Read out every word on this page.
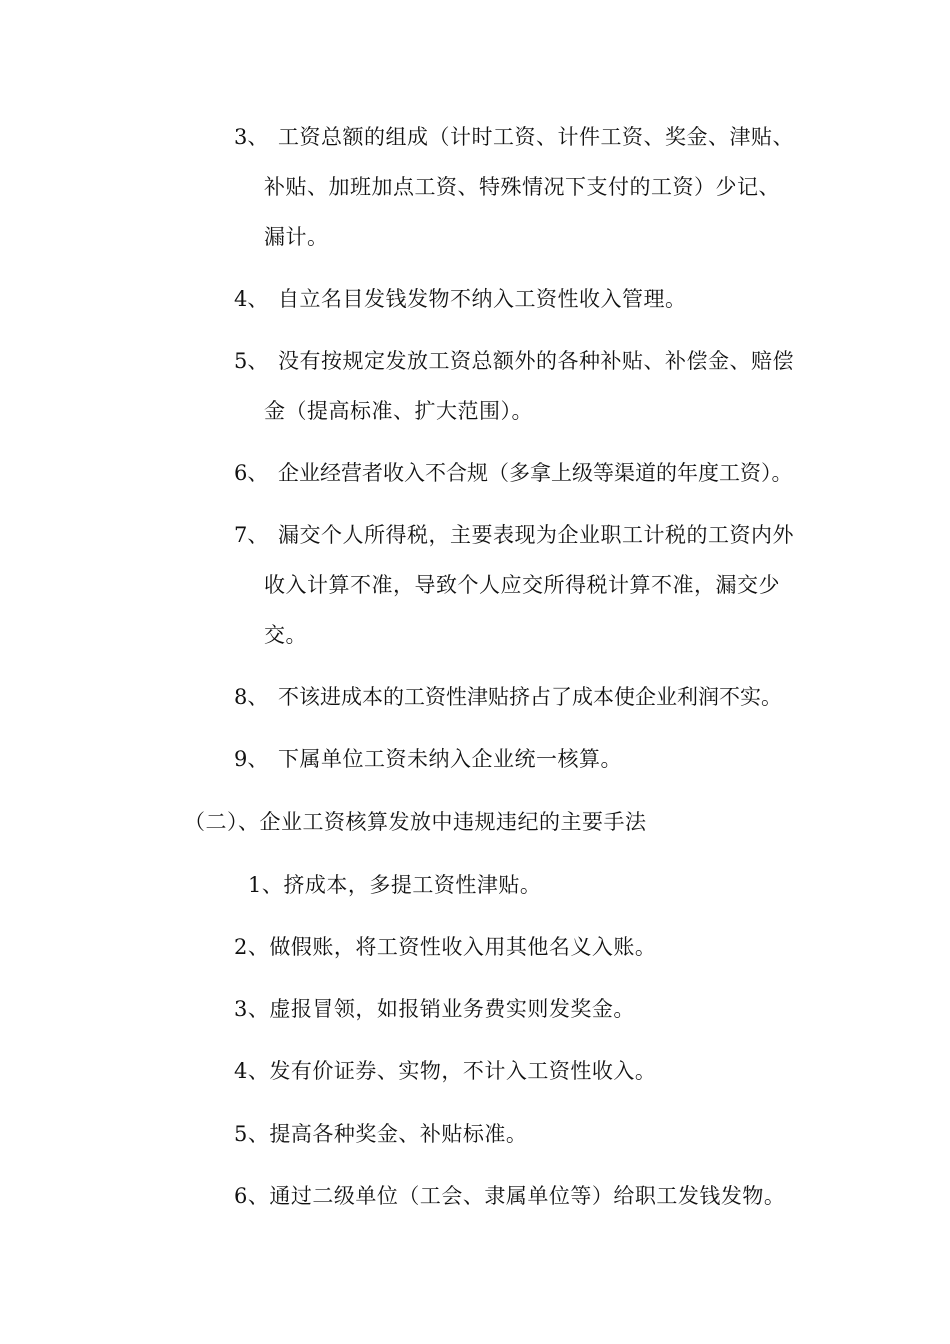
3、 工资总额的组成（计时工资、计件工资、奖金、津贴、
补贴、加班加点工资、特殊情况下支付的工资）少记、
漏计。
4、 自立名目发钱发物不纳入工资性收入管理。
5、 没有按规定发放工资总额外的各种补贴、补偿金、赔偿
金（提高标准、扩大范围）。
6、 企业经营者收入不合规（多拿上级等渠道的年度工资）。
7、 漏交个人所得税，主要表现为企业职工计税的工资内外
收入计算不准，导致个人应交所得税计算不准，漏交少
交。
8、 不该进成本的工资性津贴挤占了成本使企业利润不实。
9、 下属单位工资未纳入企业统一核算。
（二）、企业工资核算发放中违规违纪的主要手法
1、挤成本，多提工资性津贴。
2、做假账，将工资性收入用其他名义入账。
3、虚报冒领，如报销业务费实则发奖金。
4、发有价证券、实物，不计入工资性收入。
5、提高各种奖金、补贴标准。
6、通过二级单位（工会、隶属单位等）给职工发钱发物。
